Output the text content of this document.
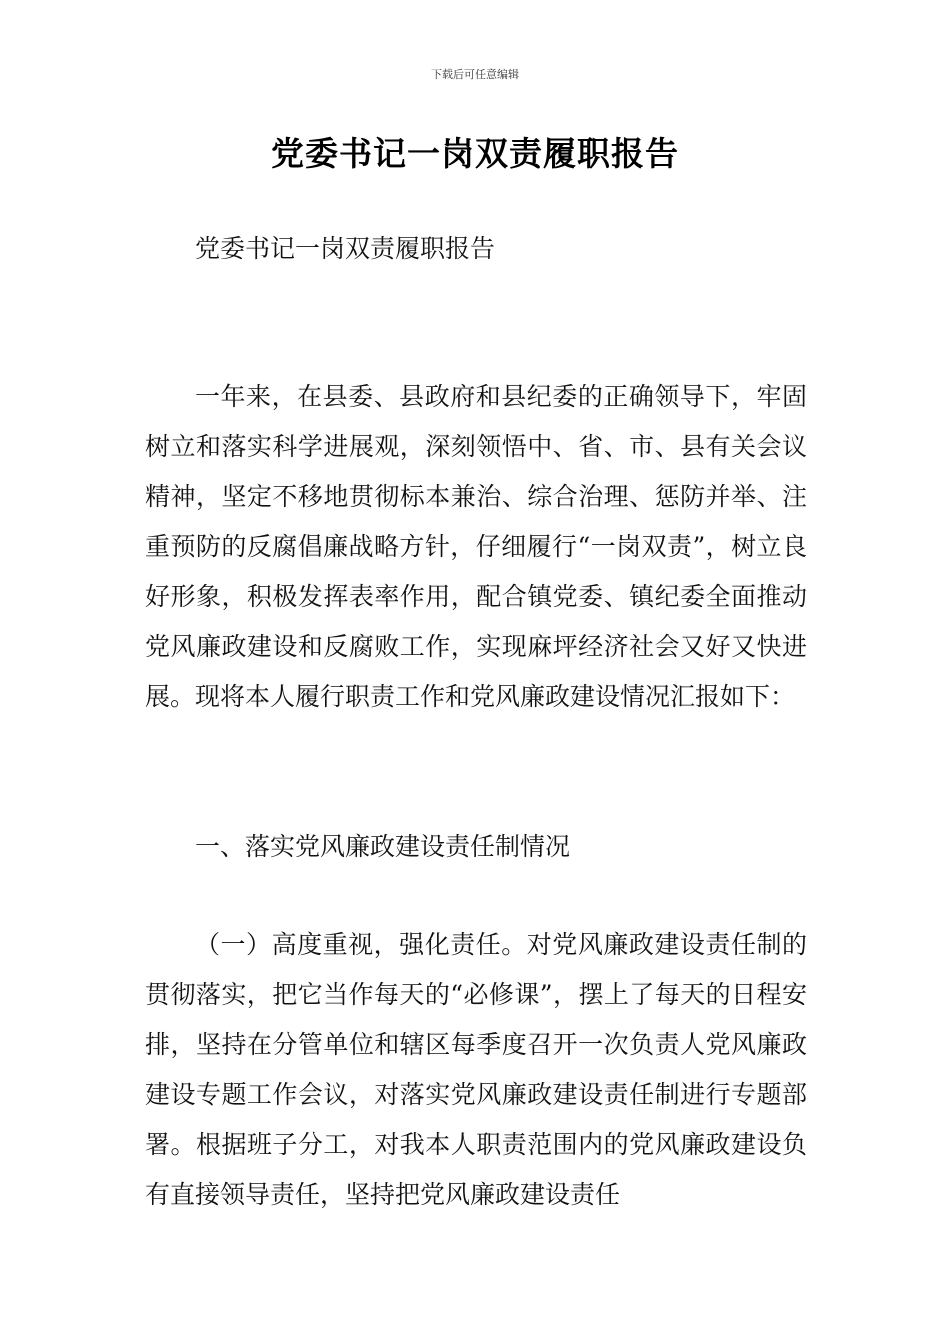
下载后可任意编辑
党委书记一岗双责履职报告

党委书记一岗双责履职报告

一年来，在县委、县政府和县纪委的正确领导下，牢固树立和落实科学进展观，深刻领悟中、省、市、县有关会议精神，坚定不移地贯彻标本兼治、综合治理、惩防并举、注重预防的反腐倡廉战略方针，仔细履行“一岗双责”，树立良好形象，积极发挥表率作用，配合镇党委、镇纪委全面推动党风廉政建设和反腐败工作，实现麻坪经济社会又好又快进展。现将本人履行职责工作和党风廉政建设情况汇报如下：

一、落实党风廉政建设责任制情况

（一）高度重视，强化责任。对党风廉政建设责任制的贯彻落实，把它当作每天的“必修课”，摆上了每天的日程安排，坚持在分管单位和辖区每季度召开一次负责人党风廉政建设专题工作会议，对落实党风廉政建设责任制进行专题部署。根据班子分工，对我本人职责范围内的党风廉政建设负有直接领导责任，坚持把党风廉政建设责任
